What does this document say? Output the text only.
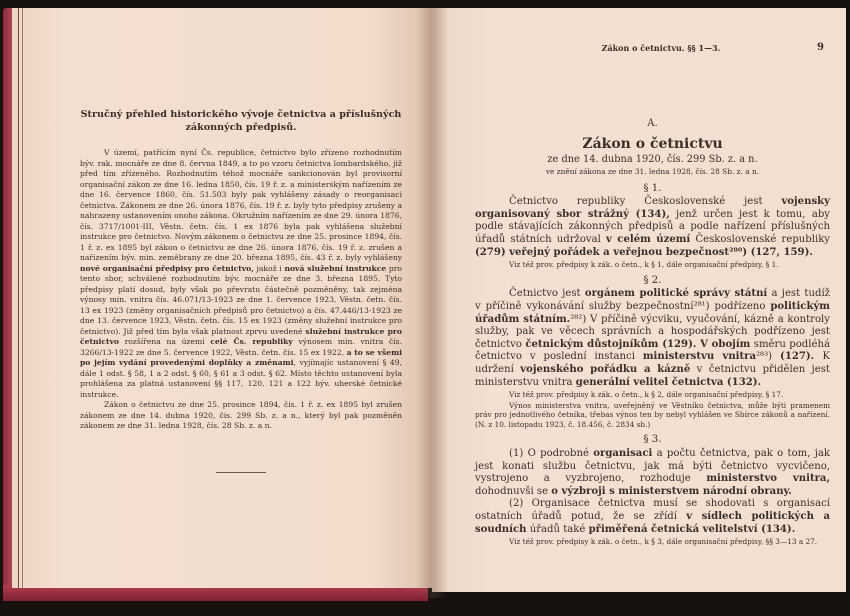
Stručný přehled historického vývoje četnictva a příslušných zákonných předpisů.

V území, patřícím nyní Čs. republice, četnictvo bylo zřízeno rozhodnutím býv. rak. mocnáře ze dne 8. června 1849, a to po vzoru četnictva lombardského, již před tím zřízeného. Rozhodnutím téhož mocnáře sankcionován byl provisorní organisační zákon ze dne 16. ledna 1850, čís. 19 ř. z. a ministerským nařízením ze dne 16. července 1860, čís. 51.503 byly pak vyhlášeny zásady o reorganisaci četnictva. Zákonem ze dne 26. února 1876, čís. 19 ř. z. byly tyto předpisy zrušeny a nahrazeny ustanovením onoho zákona. Okružním nařízením ze dne 29. února 1876, čís. 3717/1001-III, Věstn. četn. čís. 1 ex 1876 byla pak vyhlášena služební instrukce pro četnictvo. Novým zákonem o četnictvu ze dne 25. prosince 1894, čís. 1 ř. z. ex 1895 byl zákon o četnictvu ze dne 26. února 1876, čís. 19 ř. z. zrušen a nařízením býv. min. zeměbrany ze dne 20. března 1895, čís. 43 ř. z. byly vyhlášeny nové organisační předpisy pro četnictvo, jakož i nová služební instrukce pro tento sbor, schválené rozhodnutím býv. mocnáře ze dne 3. března 1895. Tyto předpisy platí dosud, byly však po převratu částečně pozměněny, tak zejména výnosy min. vnitra čís. 46.071/13-1923 ze dne 1. července 1923, Věstn. četn. čís. 13 ex 1923 (změny organisačních předpisů pro četnictvo) a čís. 47.446/13-1923 ze dne 13. července 1923, Věstn. četn. čís. 15 ex 1923 (změny služební instrukce pro četnictvo). Již před tím byla však platnost zprvu uvedené služební instrukce pro četnictvo rozšířena na území celé Čs. republiky výnosem min. vnitra čís. 3266/13-1922 ze dne 5. července 1922, Věstn. četn. čís. 15 ex 1922, a to se všemi po jejím vydání provedenými doplňky a změnami, vyjímajíc ustanovení § 49, dále 1 odst. § 58, 1 a 2 odst. § 60, § 61 a 3 odst. § 62. Místo těchto ustanovení byla prohlášena za platná ustanovení §§ 117, 120, 121 a 122 býv. uherské četnické instrukce.

Zákon o četnictvu ze dne 25. prosince 1894, čís. 1 ř. z. ex 1895 byl zrušen zákonem ze dne 14. dubna 1920, čís. 299 Sb. z. a n., který byl pak pozměněn zákonem ze dne 31. ledna 1928, čís. 28 Sb. z. a n.

Zákon o četnictvu. §§ 1—3.	9
A.
Zákon o četnictvu
ze dne 14. dubna 1920, čís. 299 Sb. z. a n.
ve znění zákona ze dne 31. ledna 1928, čís. 28 Sb. z. a n.
§ 1.

Četnictvo republiky Československé jest vojensky organisovaný sbor strážný (134), jenž určen jest k tomu, aby podle stávajících zákonných předpisů a podle nařízení příslušných úřadů státních udržoval v celém území Československé republiky (279) veřejný pořádek a veřejnou bezpečnost²⁸⁰) (127, 159).

Viz též prov. předpisy k zák. o četn., k § 1, dále organisační předpisy, § 1.

§ 2.

Četnictvo jest orgánem politické správy státní a jest tudíž v příčině vykonávání služby bezpečnostní²⁸¹) podřízeno politickým úřadům státním.²⁸²) V příčině výcviku, vyučování, kázně a kontroly služby, pak ve věcech správních a hospodářských podřízeno jest četnictvo četnickým důstojníkům (129). V obojím směru podléhá četnictvo v poslední instanci ministerstvu vnitra²⁸³) (127). K udržení vojenského pořádku a kázně v četnictvu přidělen jest ministerstvu vnitra generální velitel četnictva (132).

Viz též prov. předpisy k zák. o četn., k § 2, dále organisační předpisy, § 17.

Výnos ministerstva vnitra, uveřejněný ve Věstníku četnictva, může býti pramenem práv pro jednotlivého četníka, třebas výnos ten by nebyl vyhlášen ve Sbírce zákonů a nařízení. (N. z 10. listopadu 1923, č. 18.456, č. 2834 sb.)

§ 3.

(1) O podrobné organisaci a počtu četnictva, pak o tom, jak jest konati službu četnictvu, jak má býti četnictvo vycvičeno, vystrojeno a vyzbrojeno, rozhoduje ministerstvo vnitra, dohodnuvši se o výzbroji s ministerstvem národní obrany.

(2) Organisace četnictva musí se shodovati s organisací ostatních úřadů potud, že se zřídí v sídlech politických a soudních úřadů také přiměřená četnická velitelství (134).

Viz též prov. předpisy k zák. o četn., k § 3, dále organisační předpisy, §§ 3—13 a 27.
